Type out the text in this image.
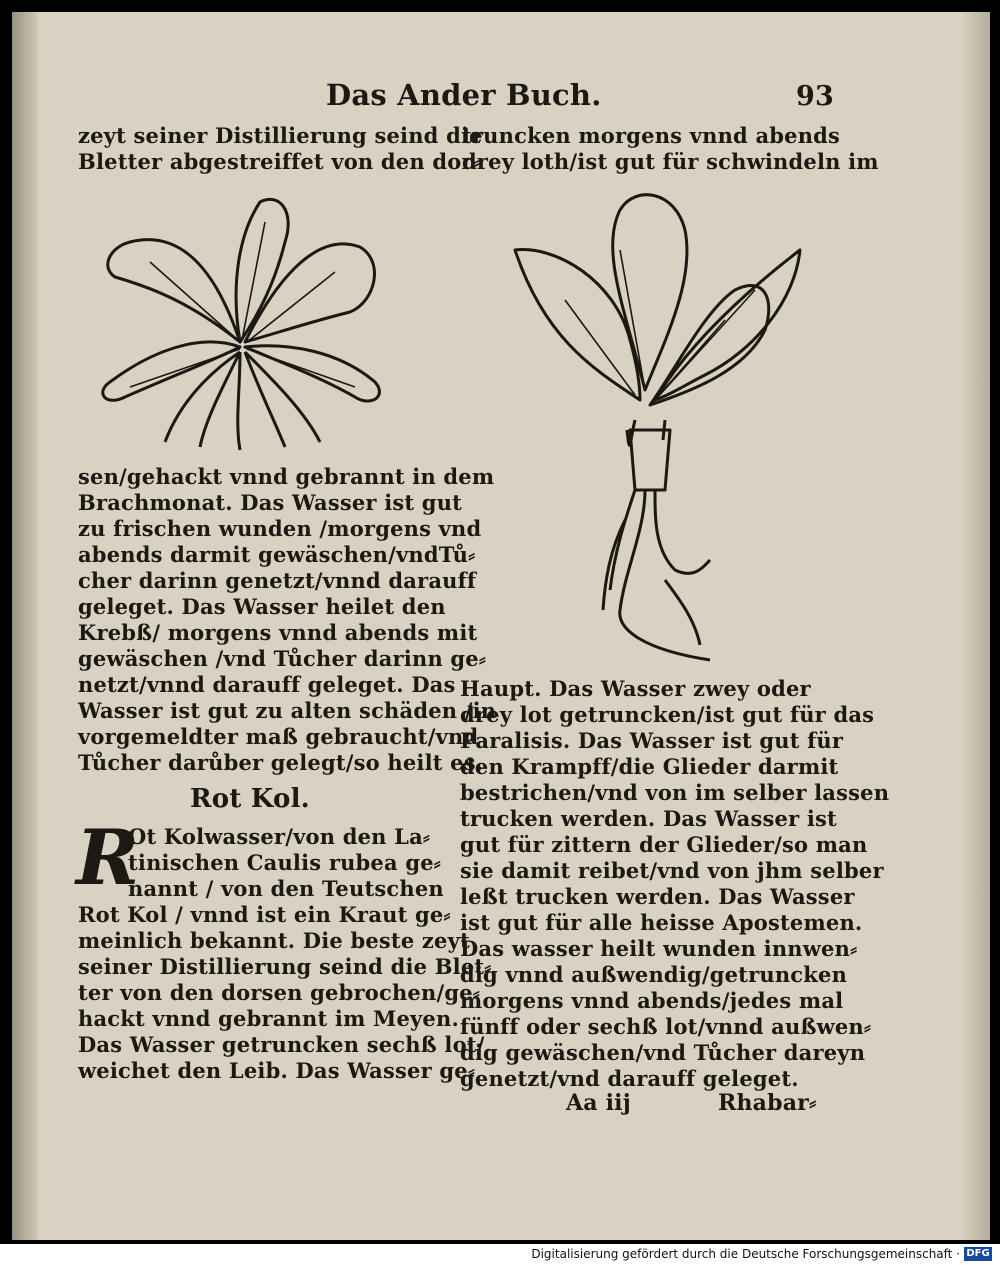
Das Ander Buch.	93
zeyt seiner Distillierung seind die
Bletter abgestreiffet von den dor⸗
sen/gehackt vnnd gebrannt in dem
Brachmonat. Das Wasser ist gut
zu frischen wunden /morgens vnd
abends darmit gewäschen/vndTů⸗
cher darinn genetzt/vnnd darauff
geleget. Das Wasser heilet den
Krebß/ morgens vnnd abends mit
gewäschen /vnd Tůcher darinn ge⸗
netzt/vnnd darauff geleget. Das
Wasser ist gut zu alten schäden /in
vorgemeldter maß gebraucht/vnd
Tůcher darůber gelegt/so heilt es.
Rot Kol.
R
Ot Kolwasser/von den La⸗
tinischen Caulis rubea ge⸗
nannt / von den Teutschen
Rot Kol / vnnd ist ein Kraut ge⸗
meinlich bekannt. Die beste zeyt
seiner Distillierung seind die Blet⸗
ter von den dorsen gebrochen/ge⸗
hackt vnnd gebrannt im Meyen.
Das Wasser getruncken sechß lot/
weichet den Leib. Das Wasser ge⸗
truncken morgens vnnd abends
drey loth/ist gut für schwindeln im
Haupt. Das Wasser zwey oder
drey lot getruncken/ist gut für das
Paralisis. Das Wasser ist gut für
den Krampff/die Glieder darmit
bestrichen/vnd von im selber lassen
trucken werden. Das Wasser ist
gut für zittern der Glieder/so man
sie damit reibet/vnd von jhm selber
leßt trucken werden. Das Wasser
ist gut für alle heisse Apostemen.
Das wasser heilt wunden innwen⸗
dig vnnd außwendig/getruncken
morgens vnnd abends/jedes mal
fünff oder sechß lot/vnnd außwen⸗
dig gewäschen/vnd Tůcher dareyn
genetzt/vnd darauff geleget.
Aa iij	Rhabar⸗
Digitalisierung gefördert durch die Deutsche Forschungsgemeinschaft · DFG
